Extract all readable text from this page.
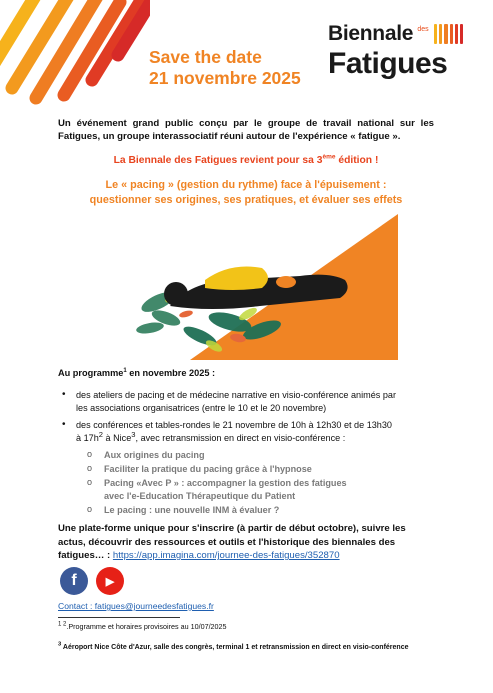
Save the date
21 novembre 2025
Biennale des
Fatigues
Un événement grand public conçu par le groupe de travail national sur les Fatigues, un groupe interassociatif réuni autour de l'expérience « fatigue ».
La Biennale des Fatigues revient pour sa 3ème édition !
Le « pacing » (gestion du rythme) face à l'épuisement :
questionner ses origines, ses pratiques, et évaluer ses effets
Au programme$^1$ en novembre 2025 :
• des ateliers de pacing et de médecine narrative en visio-conférence animés par
les associations organisatrices (entre le 10 et le 20 novembre)
• des conférences et tables-rondes le 21 novembre de 10h à 12h30 et de 13h30
à $17h^2$ à Nice$^3$, avec retransmission en direct en visio-conférence :
o Aux origines du pacing
o Faciliter la pratique du pacing grâce à l'hypnose
o Pacing «Avec P » : accompagner la gestion des fatigues
avec l'e-Education Thérapeutique du Patient
o Le pacing : une nouvelle INM à évaluer ?
Une plate-forme unique pour s'inscrire (à partir de début octobre), suivre les
actus, découvrir des ressources et outils et l'historique des biennales des
fatigues… : https://app.imagina.com/journee-des-fatigues/352870
f	▶
Contact : fatigues@journeedesfatigues.fr
$^{1 2}$.Programme et horaires provisoires au 10/07/2025
$^3$ Aéroport Nice Côte d'Azur, salle des congrès, terminal 1 et retransmission en direct en visio-conférence
